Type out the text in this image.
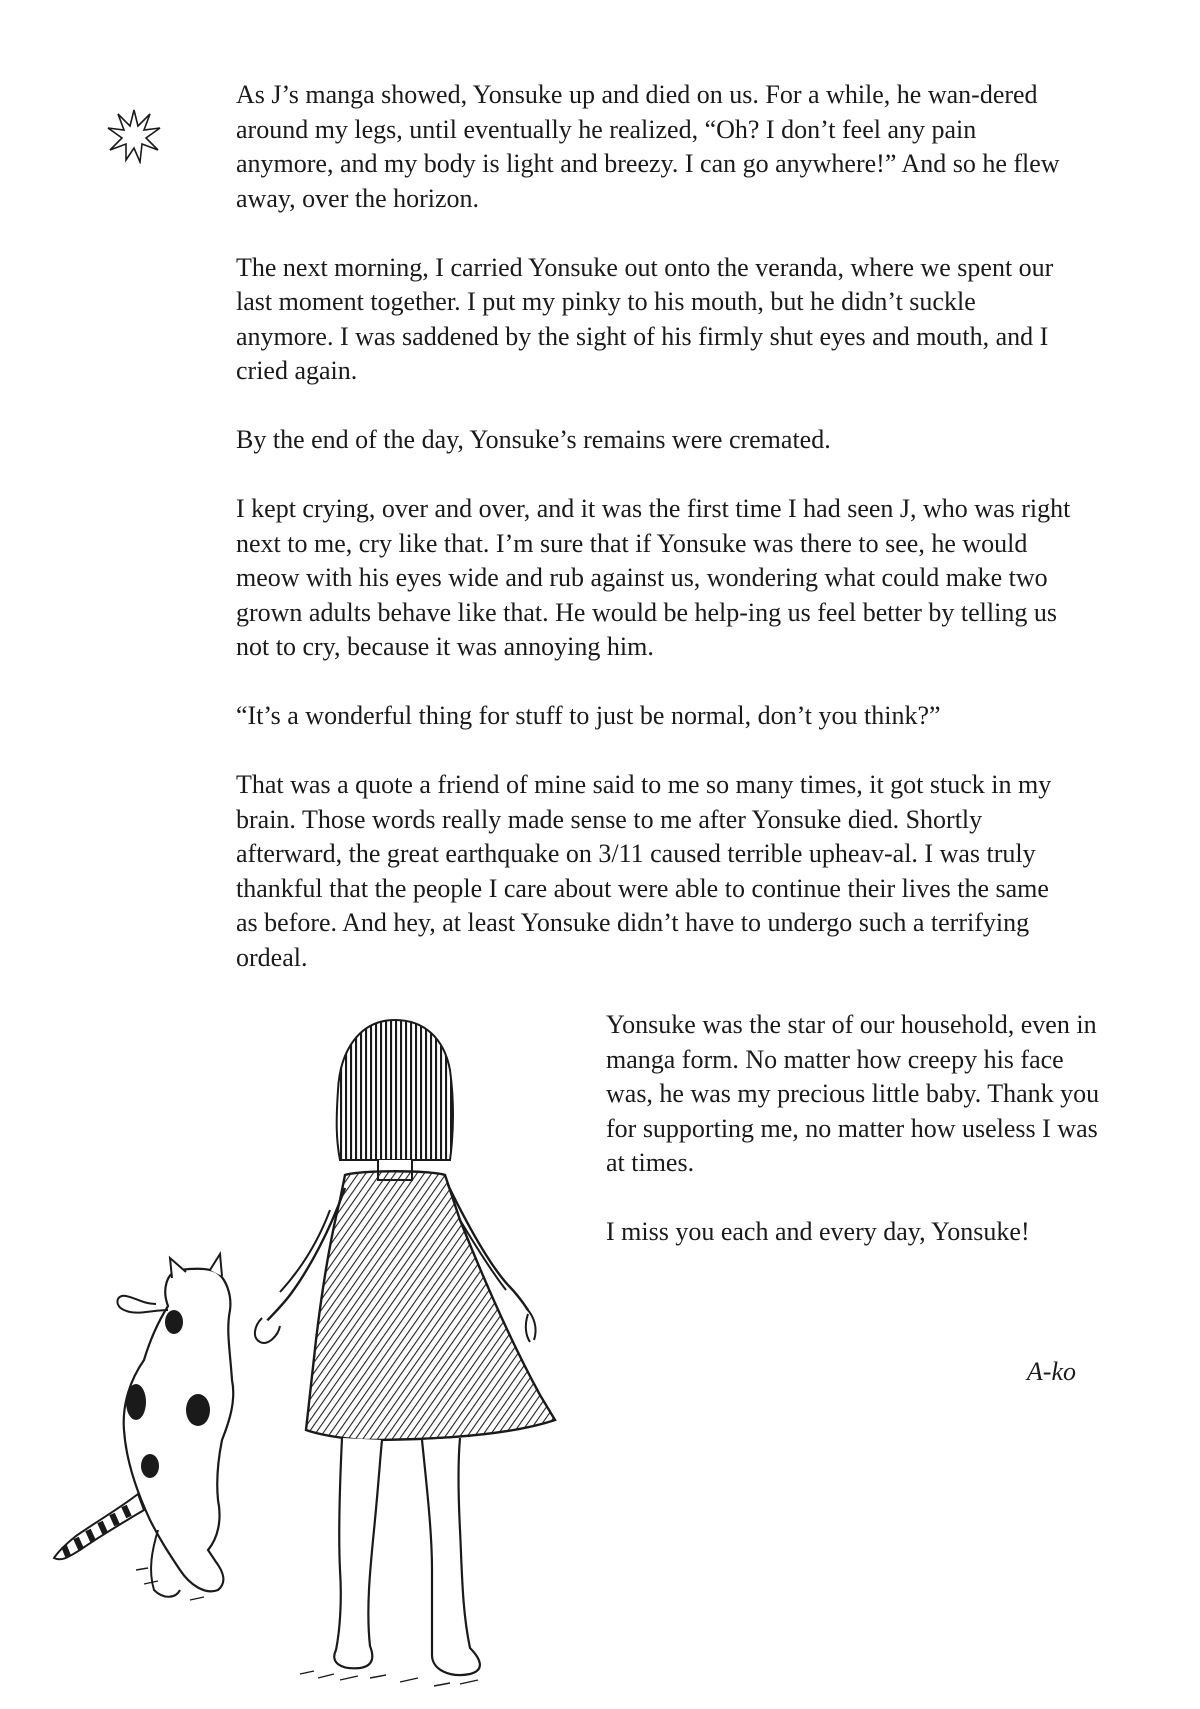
As J’s manga showed, Yonsuke up and died on us. For a while, he wan-dered around my legs, until eventually he realized, “Oh? I don’t feel any pain anymore, and my body is light and breezy. I can go anywhere!” And so he flew away, over the horizon.

The next morning, I carried Yonsuke out onto the veranda, where we spent our last moment together. I put my pinky to his mouth, but he didn’t suckle anymore. I was saddened by the sight of his firmly shut eyes and mouth, and I cried again.

By the end of the day, Yonsuke’s remains were cremated.

I kept crying, over and over, and it was the first time I had seen J, who was right next to me, cry like that. I’m sure that if Yonsuke was there to see, he would meow with his eyes wide and rub against us, wondering what could make two grown adults behave like that. He would be help-ing us feel better by telling us not to cry, because it was annoying him.

“It’s a wonderful thing for stuff to just be normal, don’t you think?”

That was a quote a friend of mine said to me so many times, it got stuck in my brain. Those words really made sense to me after Yonsuke died. Shortly afterward, the great earthquake on 3/11 caused terrible upheav-al. I was truly thankful that the people I care about were able to continue their lives the same as before. And hey, at least Yonsuke didn’t have to undergo such a terrifying ordeal.

Yonsuke was the star of our household, even in manga form. No matter how creepy his face was, he was my precious little baby. Thank you for supporting me, no matter how useless I was at times.

I miss you each and every day, Yonsuke!

A-ko
